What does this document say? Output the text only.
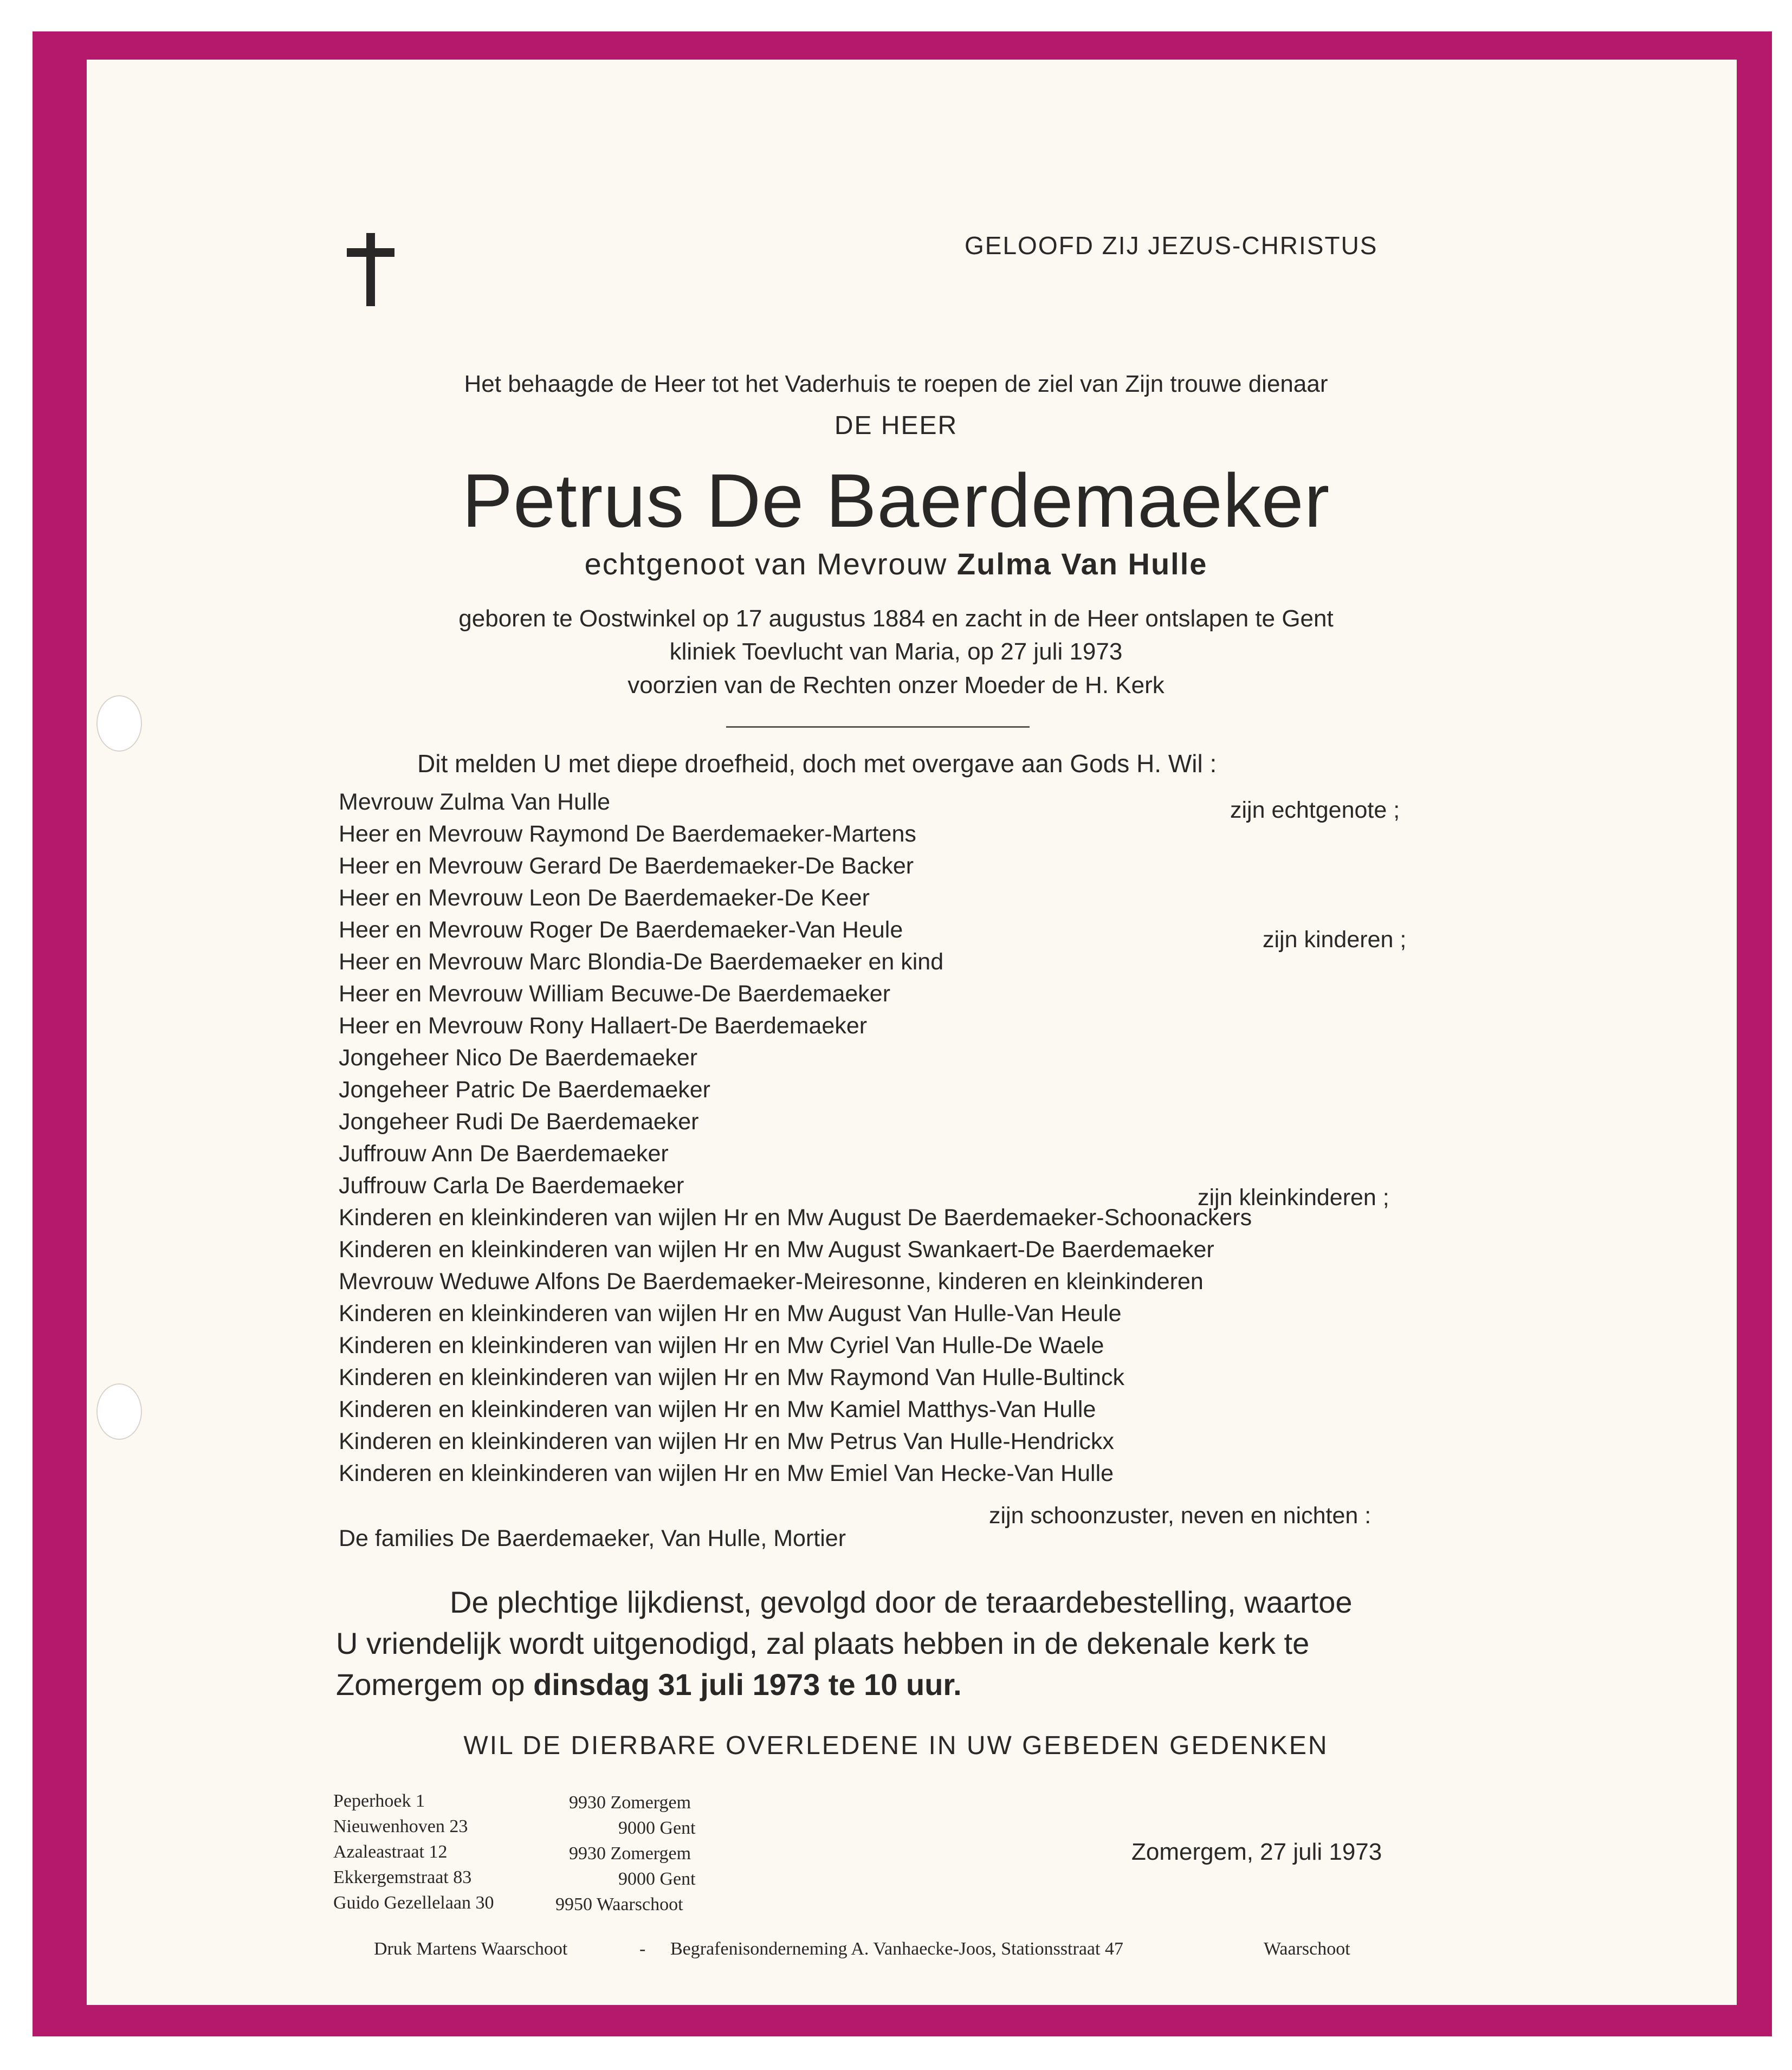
GELOOFD ZIJ JEZUS-CHRISTUS
Het behaagde de Heer tot het Vaderhuis te roepen de ziel van Zijn trouwe dienaar
DE HEER
Petrus De Baerdemaeker
echtgenoot van Mevrouw Zulma Van Hulle
geboren te Oostwinkel op 17 augustus 1884 en zacht in de Heer ontslapen te Gent
kliniek Toevlucht van Maria, op 27 juli 1973
voorzien van de Rechten onzer Moeder de H. Kerk
Dit melden U met diepe droefheid, doch met overgave aan Gods H. Wil :
Mevrouw Zulma Van Hulle
Heer en Mevrouw Raymond De Baerdemaeker-Martens
Heer en Mevrouw Gerard De Baerdemaeker-De Backer
Heer en Mevrouw Leon De Baerdemaeker-De Keer
Heer en Mevrouw Roger De Baerdemaeker-Van Heule
Heer en Mevrouw Marc Blondia-De Baerdemaeker en kind
Heer en Mevrouw William Becuwe-De Baerdemaeker
Heer en Mevrouw Rony Hallaert-De Baerdemaeker
Jongeheer Nico De Baerdemaeker
Jongeheer Patric De Baerdemaeker
Jongeheer Rudi De Baerdemaeker
Juffrouw Ann De Baerdemaeker
Juffrouw Carla De Baerdemaeker
Kinderen en kleinkinderen van wijlen Hr en Mw August De Baerdemaeker-Schoonackers
Kinderen en kleinkinderen van wijlen Hr en Mw August Swankaert-De Baerdemaeker
Mevrouw Weduwe Alfons De Baerdemaeker-Meiresonne, kinderen en kleinkinderen
Kinderen en kleinkinderen van wijlen Hr en Mw August Van Hulle-Van Heule
Kinderen en kleinkinderen van wijlen Hr en Mw Cyriel Van Hulle-De Waele
Kinderen en kleinkinderen van wijlen Hr en Mw Raymond Van Hulle-Bultinck
Kinderen en kleinkinderen van wijlen Hr en Mw Kamiel Matthys-Van Hulle
Kinderen en kleinkinderen van wijlen Hr en Mw Petrus Van Hulle-Hendrickx
Kinderen en kleinkinderen van wijlen Hr en Mw Emiel Van Hecke-Van Hulle
De families De Baerdemaeker, Van Hulle, Mortier
zijn echtgenote ;
zijn kinderen ;
zijn kleinkinderen ;
zijn schoonzuster, neven en nichten :
De plechtige lijkdienst, gevolgd door de teraardebestelling, waartoe
U vriendelijk wordt uitgenodigd, zal plaats hebben in de dekenale kerk te
Zomergem op dinsdag 31 juli 1973 te 10 uur.
WIL DE DIERBARE OVERLEDENE IN UW GEBEDEN GEDENKEN
Peperhoek 1
Nieuwenhoven 23
Azaleastraat 12
Ekkergemstraat 83
Guido Gezellelaan 30
9930 Zomergem
9000 Gent
9930 Zomergem
9000 Gent
9950 Waarschoot
Zomergem, 27 juli 1973
Druk Martens Waarschoot	- Begrafenisonderneming A. Vanhaecke-Joos, Stationsstraat 47	Waarschoot
